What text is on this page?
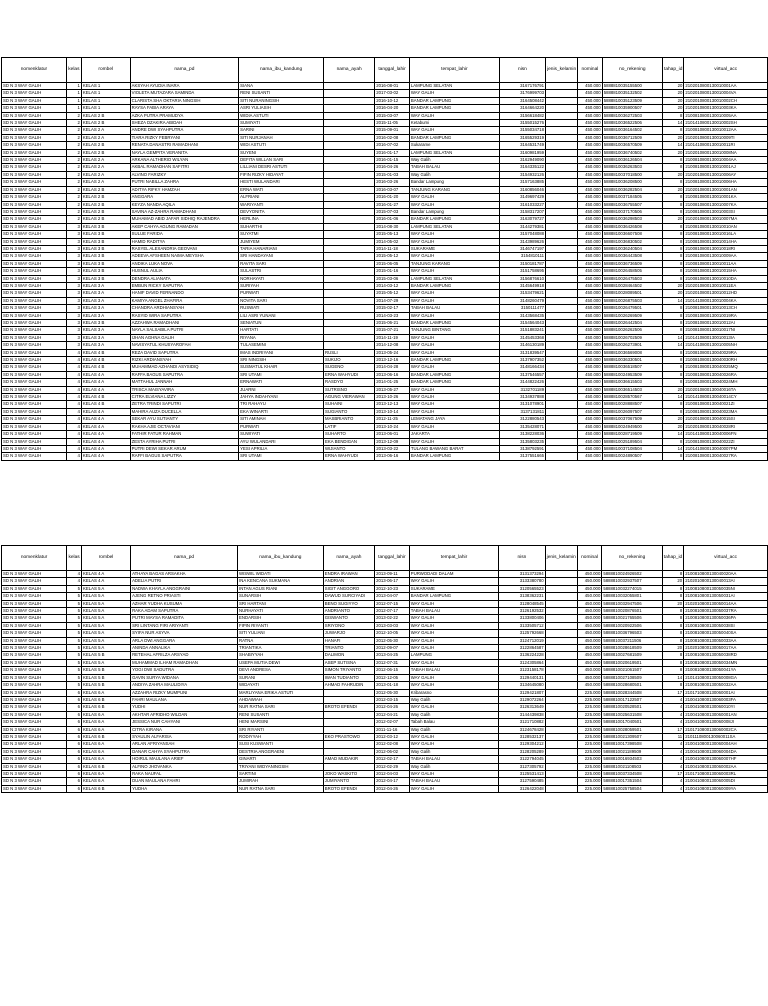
nomenklatur	kelas	rombel	nama_pd	nama_ibu_kandung	nama_ayah	tanggal_lahir	tempat_lahir	nisn	jenis_kelamin	nominal	no_rekening	tahap_id	virtual_acc
SD N 3 WAY GALIH	1	KELAS 1	AKSYAH AYUDIA INARA	SIANA		2016-08-01	LAMPUNG SELATAN	3167176791		450.000	5888810035155500	20	2102010800130010001AA
SD N 3 WAY GALIH	1	KELAS 1	VIOLETA MUTAZARA SAMINDA	RENI SUSANTI		2017-03-02	WAY GALIH	3176999703		450.000	5888810035132502	20	2102010800130010004VA
SD N 3 WAY GALIH	1	KELAS 1	CLARISTA SHA OKTARIA NINGSIH	SITI NURANINGSIH		2016-10-12	BANDAR LAMPUNG	3164508442		450.000	5888810035123509	20	2102010800130010002CH
SD N 3 WAY GALIH	1	KELAS 1	RAYSA FABIA ARAYA	ASRI YULIASIH		2016-04-20	BANDAR LAMPUNG	3164664220		450.000	5888810035900507	20	2102010800130010003KA
SD N 3 WAY GALIH	2	KELAS 2 B	AZKA PUTRA PRAMUDYA	WIDIA ASTUTI		2015-03-07	WAY GALIH	3156618482		450.000	5888810036272503	8	2100810800130010005AA
SD N 3 WAY GALIH	2	KELAS 2 B	SHEZA DZAKIRA ABIDAH	SUMIYATI		2015-11-05	Ketabumi	3155015276		450.000	5888810036522506	14	2101410800130010002SH
SD N 3 WAY GALIH	2	KELAS 2 A	ANDRE DWI SYAHPUTRA	SARINI		2015-09-01	WAY GALIH	3155034718		450.000	5888810036164502	8	2100810800130010012AA
SD N 3 WAY GALIH	2	KELAS 2 A	TIARA RIZKY FEBRYANI	SITI NURJANAH		2016-02-08	BANDAR LAMPUNG	3165529319		450.000	5888810036712509	20	2102010800130010009TI
SD N 3 WAY GALIH	2	KELAS 2 B	RENATA DANASTRI RAMADHANI	WIDI ASTUTI		2016-07-02	Sukarame	3164531749		450.000	5888810036570509	14	2101410800130010011RI
SD N 3 WAY GALIH	2	KELAS 2 B	NAYLA GEMPITA VERANITA	SUYENI		2016-01-17	LAMPUNG SELATAN	3160981959		450.000	5888810036740502	20	2102010800130010008NA
SD N 3 WAY GALIH	2	KELAS 2 A	ARKANA ALTHERIO WILYAN	DEFITA WILLAN SARI		2016-01-15	Way Galih	3162949090		450.000	5888810036126504	8	2100810800130010004AA
SD N 3 WAY GALIH	2	KELAS 2 A	AKBAL RAMADHAN SAFITRI	LILLIANI DESRI ASTUTI		2016-04-26	TABAH BALAU	3164335122		450.000	5888810036263503	8	2100810800130010001AJ
SD N 3 WAY GALIH	2	KELAS 2 A	ALVINO FARIZKY	FIFIN RIZKY HIDAYAT		2015-01-03	Way Galih	3154932126		450.000	5888810037018500	20	2102010800130010006AY
SD N 3 WAY GALIH	2	KELAS 2 A	PUTRI NABILLA ZAHRA	HESTI WULANDARI		2016-03-26	Bandar Lampung	3157163885		450.000	5888810036208500	8	2100810800130010006HA
SD N 3 WAY GALIH	2	KELAS 2 B	ADITYA RIFKY HAMZAH	ERNA WATI		2016-03-07	TANJUNG KARANG	3160856046		450.000	5888810036282504	20	2102010800130010001AN
SD N 3 WAY GALIH	2	KELAS 2 B	ANGGARA	ALFRIANI		2016-01-20	WAY GALIH	3149697429		450.000	5888810037184505	8	2100810800130010001KA
SD N 3 WAY GALIH	2	KELAS 2 B	KEYZA NANDA AQILA	WARIYANTI		2016-01-27	WAY GALIH	3161033227		450.000	5888810036755507	8	2100810800130010007KA
SD N 3 WAY GALIH	2	KELAS 2 B	SAVINA AZ-ZAHRA RAMADHANI	DEVYONITA		2015-07-03	Bandar Lampung	3158317207		450.000	5888810037170506	8	2100810800130010003SI
SD N 3 WAY GALIH	2	KELAS 2 B	MUHAMAD ABID JAFAR SIDHIQ RAJENDRA	HERLINA		2016-01-06	BANDAR LAMPUNG	3163079727		450.000	5888810036298503	20	2102010800130010007MA
SD N 3 WAY GALIH	3	KELAS 3 B	AKEP CAHYA AGUNG RAMADAN	SUHARTHI		2014-08-30	LAMPUNG SELATAN	3144279381		450.000	5888810036426508	8	2100810800130010010AN
SD N 3 WAY GALIH	3	KELAS 3 B	SULUE FARIDA	SUYATMI		2015-05-13	WAY GALIH	3157048088		450.000	5888810036607508	8	2100810800130010016LA
SD N 3 WAY GALIH	3	KELAS 3 B	HAMID RADITYA	JUMIYEM		2014-05-02	WAY GALIH	3143989626		450.000	5888810036830502	8	2100810800130010014HA
SD N 3 WAY GALIH	3	KELAS 3 B	RASYEL ALEXANDRIA GEOVANI	TARIA HANARIANI		2014-11-18	SUKARAME	3146747197		450.000	5888810036240504	8	2100810800130010018RI
SD N 3 WAY GALIH	3	KELAS 3 B	ADEEVA AFSHEEN NAIMA MEYSHA	SRI HANDAYANI		2015-05-12	WAY GALIH	3154810111		450.000	5888810036443508	8	2100810800130010009AA
SD N 3 WAY GALIH	3	KELAS 3 B	ANDIKA LUKA NOVA	RAVITA SARI		2015-06-05	TANJUNG KARANG	3150181787		450.000	5888810036736509	8	2100810800130010011AA
SD N 3 WAY GALIH	3	KELAS 3 B	HUSNUL AULIA	SULASTRI		2015-01-16	WAY GALIH	3151758695		450.000	5888810026458505	8	2100810800130010015HA
SD N 3 WAY GALIH	3	KELAS 3 B	DENDRA ALIANATA	NORHAYATI		2015-03-06	LAMPUNG SELATAN	3156876610		450.000	5888810026475503	8	2100810800130010010DA
SD N 3 WAY GALIH	3	KELAS 3 A	EMBUN RICKY SAPUTRA	SURIYAH		2014-03-12	BANDAR LAMPUNG	3145649918		450.000	5888810028464502	20	2102010800130010011EA
SD N 3 WAY GALIH	3	KELAS 3 A	HANIF DAVID FERNANDO	PURWATI		2015-05-12	WAY GALIH	3153479621		450.000	5888810028089501	20	2102010800130010012HD
SD N 3 WAY GALIH	3	KELAS 3 A	KAMIYA ANGEL ZHAFIRA	NOVITA SARI		2014-07-29	WAY GALIH	3148260479		450.000	5888810026875503	14	2101410800130010004KA
SD N 3 WAY GALIH	3	KELAS 3 A	CHANDRA ARDHIANSYAH	RUSWATI		2015-02-17	TABAH BALAU	3150111477		450.000	5888810026479501	8	2100810800130010013CH
SD N 3 WAY GALIH	3	KELAS 3 A	RASYID WIRA SAPUTRA	LILI ASRI YUNANI		2014-03-23	WAY GALIH	3143568435		450.000	5888810026269509	8	2100810800130010019RA
SD N 3 WAY GALIH	3	KELAS 3 B	AZZAHWA RAMADHANI	SENIATUN		2015-06-21	BANDAR LAMPUNG	3154564043		450.000	5888810026442504	8	2100810800130010012AI
SD N 3 WAY GALIH	3	KELAS 3 A	NAYLA SALSABILA PUTRI	HARTATI		2015-07-21	TANJUNG BINTANG	3151883241		450.000	5888810026262506	8	2100810800130010017NI
SD N 3 WAY GALIH	3	KELAS 3 A	IJHAN AGHNA GALIH	RIYANA		2014-11-19	WAY GALIH	3145453368		450.000	5888810026702509	14	2101410800130010013IA
SD N 3 WAY GALIH	3	KELAS 3 A	NAVISYATUL KHUSYAROFAH	TULASEMINI		2014-12-08	WAY GALIH	3146130189		450.000	5888810026273901	14	2101410800130010005NH
SD N 3 WAY GALIH	4	KELAS 4 B	REZA DAVID SAPUTRA	IMAS INDRIYANI	RUSLI	2013-05-24	WAY GALIH	3131839547		450.000	5888810036569008	8	2100810800130040029RA
SD N 3 WAY GALIH	4	KELAS 4 B	RIZKI ARDIANSYAH	SRI NINGSIH	SUKIJO	2013-12-16	BANDAR LAMPUNG	3137907352		450.000	5888810036330501	8	2100810800130040030RH
SD N 3 WAY GALIH	4	KELAS 4 B	MUHAMMAD AZHANDI ASYSIDIQ	SUSMATUL KHAIR	SUGENO	2014-04-28	WAY GALIH	3148166434		450.000	5888810036518507	8	2100810800130040025MQ
SD N 3 WAY GALIH	4	KELAS 4 A	RAFFA BAGUS SAPUTRA	SRI UTAMI	ERNA WAHYUDI	2013-06-16	BANDAR LAMPUNG	3137546557		450.000	5888810024953509	8	2100810800130040026RA
SD N 3 WAY GALIH	4	KELAS 4 A	MATTAHUL JANNAH	ERNAWATI	RASDYO	2014-01-25	BANDAR LAMPUNG	3144822426		450.000	5888810036615503	8	2100810800130040024MH
SD N 3 WAY GALIH	4	KELAS 4 A	TRISCA MAISYAVIRA	JUARNI	SUTRISNO	2013-05-27	WAY GALIH	3132701189		450.000	5888810036514503	20	2102010800130040016TA
SD N 3 WAY GALIH	4	KELAS 4 B	CITRA ELVIANA LIZZY	JAHYA INDAHYANI	AGUNG VIERAWAN	2013-10-26	WAY GALIH	3134937888		450.000	5888810028570567	14	2101410800130040014CY
SD N 3 WAY GALIH	4	KELAS 4 B	ZETRA TRINDI SAPUTRI	TRI RAHAYU	SUHAINI	2013-12-13	WAY GALIH	3131078901		450.000	5888810028888507	8	2100810800130040021ZI
SD N 3 WAY GALIH	4	KELAS 4 A	MAHIRA AUZA DUCELLA	EKA WINARTI	SUGIANTO	2013-10-14	WAY GALIH	3137131811		450.000	5888810026097507	8	2100810800130040023MA
SD N 3 WAY GALIH	4	KELAS 4 A	SEKAR AYU SUTIANTY	SITI AMINAH	MASBRIANTO	2012-11-25	LEMATANG JAYA	3122880543		450.000	5888810037067509	20	2102010800130040015SI
SD N 3 WAY GALIH	4	KELAS 4 A	RAKHA AJIE OCTAVIANI	PURWATI	LATIF	2013-10-24	WAY GALIH	3135428071		450.000	5888810024949500	20	2102010800130040028RI
SD N 3 WAY GALIH	4	KELAS 4 A	FATHIR FATUR RAHMAN	SUWIYATI	SUHARTO	2013-06-01	JAKARTA	3138228036		450.000	5888810028719509	14	2101410800130040006FN
SD N 3 WAY GALIH	4	KELAS 4 A	ZESTA AYRIHA PUTRI	AYU WULANDARI	EKA BENDIGAN	2013-12-09	WAY GALIH	3135803235		450.000	5888810025189504	8	2100810800130040022ZI
SD N 3 WAY GALIH	4	KELAS 4 A	PUTRI DEWI SEKAR ARUM	YESI APRILIA	WIJIANTO	2013-03-22	TULANG BAWANG BARAT	3138792591		450.000	5888810037108504	14	2101410800130040007PM
SD N 3 WAY GALIH	4	KELAS 4 A	RAFFI BAGUS SAPUTRA	SRI UTAMI	ERNA WAHYUDI	2013-06-16	BANDAR LAMPUNG	3137551665		450.000	5888810024890507	8	2100810800130040027RA
nomenklatur	kelas	rombel	nama_pd	nama_ibu_kandung	nama_ayah	tanggal_lahir	tempat_lahir	nisn	jenis_kelamin	nominal	no_rekening	tahap_id	virtual_acc
SD N 3 WAY GALIH	4	KELAS 4 A	ATHAYA BAGAS ARSAKHA	WISWIL WIDATI	ENDRA IRAWAN	2013-09-11	PURWODADI DALAM	3131373294		450.000	5888810024926502	8	2100810800130040020AA
SD N 3 WAY GALIH	4	KELAS 4 A	ADELIA PUTRI	INA KENCANA SUKMANA	ANDRIAN	2013-06-17	WAY GALIH	3133380780		450.000	5888810032937507	20	2102010800130040013AI
SD N 3 WAY GALIH	5	KELAS 5 A	NADWA KHAYLA ANGGRAINI	INTAN AGUS RIANI	SIGIT ANGGORO	2012-10-23	SUKARAME	3120565523		450.000	5888810032274015	8	2100810800130050035NI
SD N 3 WAY GALIH	5	KELAS 5 A	AJENG RETNO PRIASTI	SUNARSIH	DAWUD SURCIYADI	2013-04-07	BANDAR LAMPUNG	3138362231		450.000	5888810032055801	8	2100810800130050031AI
SD N 3 WAY GALIH	5	KELAS 5 A	AZHAR YUDHA KUSUMA	SRI HARTANI	BENO SUGIYYO	2012-07-15	WAY GALIH	3128048545		450.000	5888810032947506	20	2102010800130050014AA
SD N 3 WAY GALIH	5	KELAS 5 A	RAKA ADAM SAPUTRA	NURHAYATI	ANDRIANTO	2012-07-17	TABAH BALAU	3126192532		450.000	5888810020876501	8	2100810800130050037RA
SD N 3 WAY GALIH	5	KELAS 5 A	PUTRI MAYSA RAMADITA	ENDARSIH	GISWANTO	2013-02-22	WAY GALIH	3133800406		450.000	5888810021765506	8	2100810800130050036PA
SD N 3 WAY GALIH	5	KELAS 5 A	SRI LINTANG FIRI ARIYANTI	FIPIN RIYANTI	SRIYONO	2013-03-03	WAY GALIH	3133505712		450.000	5888810020922506	8	2100810800130050038SI
SD N 3 WAY GALIH	5	KELAS 5 A	SYIFA NUR ASYVA	SITI YULIANI	JUWARJO	2012-10-05	WAY GALIH	3125792668		450.000	5888810036796503	8	2100810800130050040SA
SD N 3 WAY GALIH	5	KELAS 5 A	ARLA DWI ANGGARA	RATNA	HANAFI	2012-05-30	WAY GALIH	3124712019		450.000	5888810037211506	8	2100810800130050033AA
SD N 3 WAY GALIH	5	KELAS 5 A	ANINDA ANNALIKA	TRIANTIKA	TRIANTO	2012-09-07	WAY GALIH	3122864587		450.000	5888810028618509	20	2102010800130050017AA
SD N 3 WAY GALIH	5	KELAS 5 B	RETEHAL AFRILZA ARSYAD	SHABIYYAH	DALIMON	2013-04-25	LAMPUNG	3136224228		450.000	5888810027681509	8	2100810800130050038RD
SD N 3 WAY GALIH	5	KELAS 5 A	MUHAMMAD ILHAM RAMADHAN	USEPA MUTIA DEWI	ASEP SUTISNA	2012-07-31	WAY GALIH	3124305864		450.000	5888810020619501	8	2100810800130050034MN
SD N 3 WAY GALIH	5	KELAS 5 B	YOGI DWI SADUTRA	DEVI ANDRESA	SIMON TRIYANTO	2012-06-15	TABAH BALAU	3123158178		450.000	5888810021061507	8	2100810800130050041YA
SD N 3 WAY GALIH	5	KELAS 5 B	GAVIN SURYA WIDANA	SURANI	IWAN TUDIANTO	2012-12-05	WAY GALIH	3129440131		450.000	5888810027108509	14	2101410800130050008GA
SD N 3 WAY GALIH	5	KELAS 5 B	ANDIYA ZAHRA MAULIDIYA	WIDAYATI	AHMAD FAHRUDIN	2013-01-18	WAY GALIH	3134645080		450.000	5888810028680501	8	2100810800130050032AA
SD N 3 WAY GALIH	6	KELAS 6 A	AZZAHRA RIZKY MUMPUNI	MARLIYANA ERIKA ASTUTI		2012-05-30	Kribarasno	3129421807		225.000	5888810028344508	17	2101710800130060001AI
SD N 3 WAY GALIH	6	KELAS 6 B	FAHRI MAULANA	AHDAWIAH		2012-03-15	Way Galih	3129072264		225.000	5888810017122507	4	2100410800130060003FA
SD N 3 WAY GALIH	6	KELAS 6 B	YUDHI	NUR RATNA SARI	BROTO EFENDI	2012-04-26	WAY GALIH	3126313649		225.000	5888810020528501	4	2100410800130060010YI
SD N 3 WAY GALIH	6	KELAS 6 A	AKHTAR AFRIDHO WILDAN	RENI SUSANTI		2012-04-21	Way Galih	3144439838		225.000	5888810025631508	4	2100410800130060001AN
SD N 3 WAY GALIH	6	KELAS 6 A	JESSICA NUR CAHYANI	HENI MARSINI		2012-02-07	Tabah Balau	3121710882		225.000	5888810017040501	4	2100410800130060008JI
SD N 3 WAY GALIH	6	KELAS 6 A	CITRA KIRANA	SRI RIYANTI		2011-11-16	Way Galih	3124678428		225.000	5888810028059501	17	2101710800130060002CA
SD N 3 WAY GALIH	6	KELAS 6 B	SYAULIN ALFARISA	RODIYYAH	EKO PRASTOWO	2012-03-12	WAY GALIH	3128532137		225.000	5888810021309507	11	2101110800130060011SA
SD N 3 WAY GALIH	6	KELAS 6 A	ARLAN AFRIYANSAH	SUSI KUSWANTI		2012-02-08	WAY GALIH	3129304212		225.000	5888810017398508	4	2100410800130060004AH
SD N 3 WAY GALIH	6	KELAS 6 A	DANAR CAHYA SYAHPUTRA	DESTRIA ANGGRAENI		2012-06-02	Way Galih	3128205289		225.000	5888810021189509	4	2100410800130060004DA
SD N 3 WAY GALIH	6	KELAS 6 A	HOIRUL MAULANA ARIEF	GINARTI	AMAD MUDAKIR	2012-02-17	TABAH BALAU	3122794045		225.000	5888810016934503	4	2100410800130060007HF
SD N 3 WAY GALIH	6	KELAS 6 B	ALFINO JHOVANKA	TRIYANI WIDYANINGSIH		2012-02-29	Way Galih	3127305792		225.000	5888810021108503	4	2100410800130060002AA
SD N 3 WAY GALIH	6	KELAS 6 A	RAKA NAUFAL	SARTINI	JOKO WASKITO	2012-04-03	WAY GALIH	3125531413		225.000	5888810037334508	17	2101710800130060003RL
SD N 3 WAY GALIH	6	KELAS 6 A	DUAN MAULANA FAHRI	JUMIRAH	JUMIYANTO	2012-04-17	TABAH BALAU	3127590485		225.000	5888810017351504	4	2100410800130060005DI
SD N 3 WAY GALIH	6	KELAS 6 B	YUDHA	NUR RATNA SARI	BROTO EFENDI	2012-04-26	WAY GALIH	3126422048		225.000	5888810025758504	4	2100410800130060009YA
